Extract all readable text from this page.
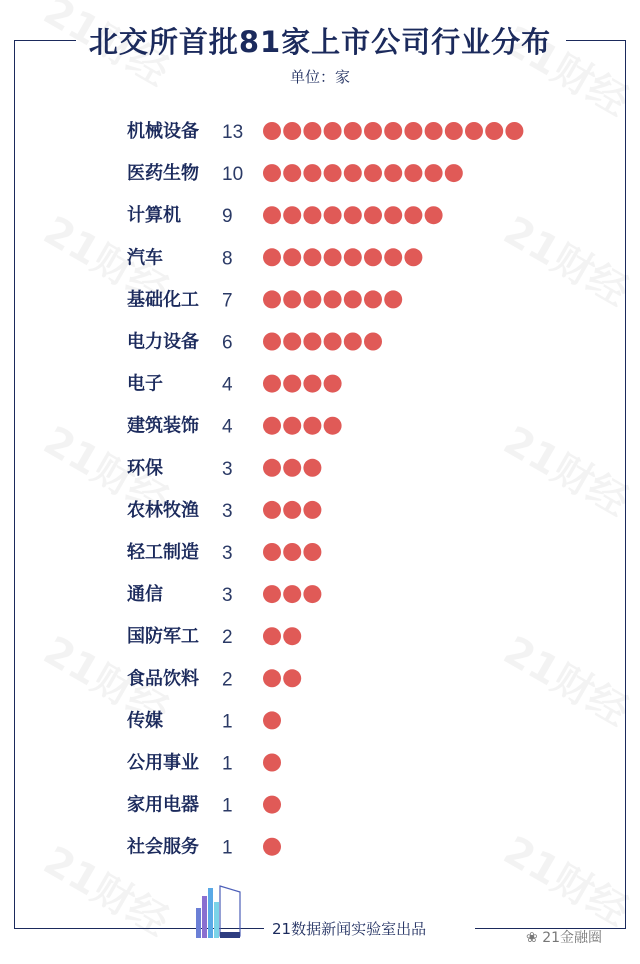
北交所首批81家上市公司行业分布
单位：家
机械设备 13
医药生物 10
计算机 9
汽车	8
基础化工 7
电力设备 6
电子	4
建筑装饰 4
环保	3
农林牧渔 3
轻工制造 3
通信	3
国防军工 2
食品饮料 2
传媒	1
公用事业 1
家用电器 1
社会服务 1
21数据新闻实验室出品	❀ 21金融圈
